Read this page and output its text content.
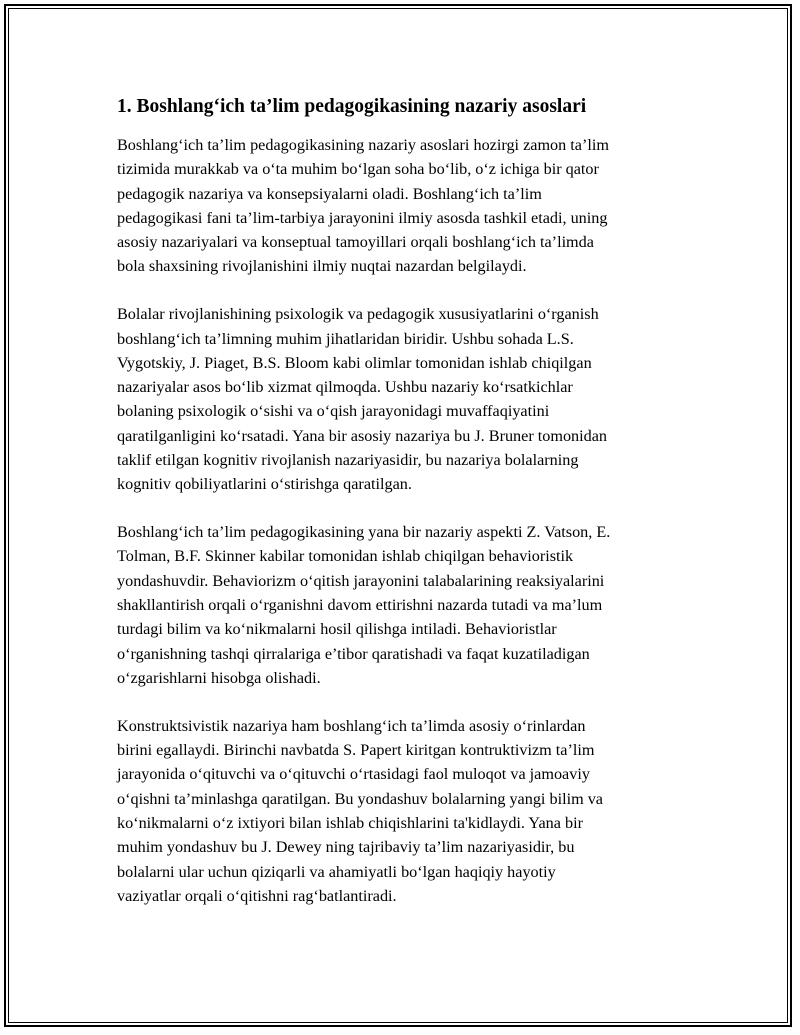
1. Boshlang‘ich ta’lim pedagogikasining nazariy asoslari

Boshlang‘ich ta’lim pedagogikasining nazariy asoslari hozirgi zamon ta’lim
tizimida murakkab va o‘ta muhim bo‘lgan soha bo‘lib, o‘z ichiga bir qator
pedagogik nazariya va konsepsiyalarni oladi. Boshlang‘ich ta’lim
pedagogikasi fani ta’lim-tarbiya jarayonini ilmiy asosda tashkil etadi, uning
asosiy nazariyalari va konseptual tamoyillari orqali boshlang‘ich ta’limda
bola shaxsining rivojlanishini ilmiy nuqtai nazardan belgilaydi.

Bolalar rivojlanishining psixologik va pedagogik xususiyatlarini o‘rganish
boshlang‘ich ta’limning muhim jihatlaridan biridir. Ushbu sohada L.S.
Vygotskiy, J. Piaget, B.S. Bloom kabi olimlar tomonidan ishlab chiqilgan
nazariyalar asos bo‘lib xizmat qilmoqda. Ushbu nazariy ko‘rsatkichlar
bolaning psixologik o‘sishi va o‘qish jarayonidagi muvaffaqiyatini
qaratilganligini ko‘rsatadi. Yana bir asosiy nazariya bu J. Bruner tomonidan
taklif etilgan kognitiv rivojlanish nazariyasidir, bu nazariya bolalarning
kognitiv qobiliyatlarini o‘stirishga qaratilgan.

Boshlang‘ich ta’lim pedagogikasining yana bir nazariy aspekti Z. Vatson, E.
Tolman, B.F. Skinner kabilar tomonidan ishlab chiqilgan behavioristik
yondashuvdir. Behaviorizm o‘qitish jarayonini talabalarining reaksiyalarini
shakllantirish orqali o‘rganishni davom ettirishni nazarda tutadi va ma’lum
turdagi bilim va ko‘nikmalarni hosil qilishga intiladi. Behavioristlar
o‘rganishning tashqi qirralariga e’tibor qaratishadi va faqat kuzatiladigan
o‘zgarishlarni hisobga olishadi.

Konstruktsivistik nazariya ham boshlang‘ich ta’limda asosiy o‘rinlardan
birini egallaydi. Birinchi navbatda S. Papert kiritgan kontruktivizm ta’lim
jarayonida o‘qituvchi va o‘qituvchi o‘rtasidagi faol muloqot va jamoaviy
o‘qishni ta’minlashga qaratilgan. Bu yondashuv bolalarning yangi bilim va
ko‘nikmalarni o‘z ixtiyori bilan ishlab chiqishlarini ta'kidlaydi. Yana bir
muhim yondashuv bu J. Dewey ning tajribaviy ta’lim nazariyasidir, bu
bolalarni ular uchun qiziqarli va ahamiyatli bo‘lgan haqiqiy hayotiy
vaziyatlar orqali o‘qitishni rag‘batlantiradi.
